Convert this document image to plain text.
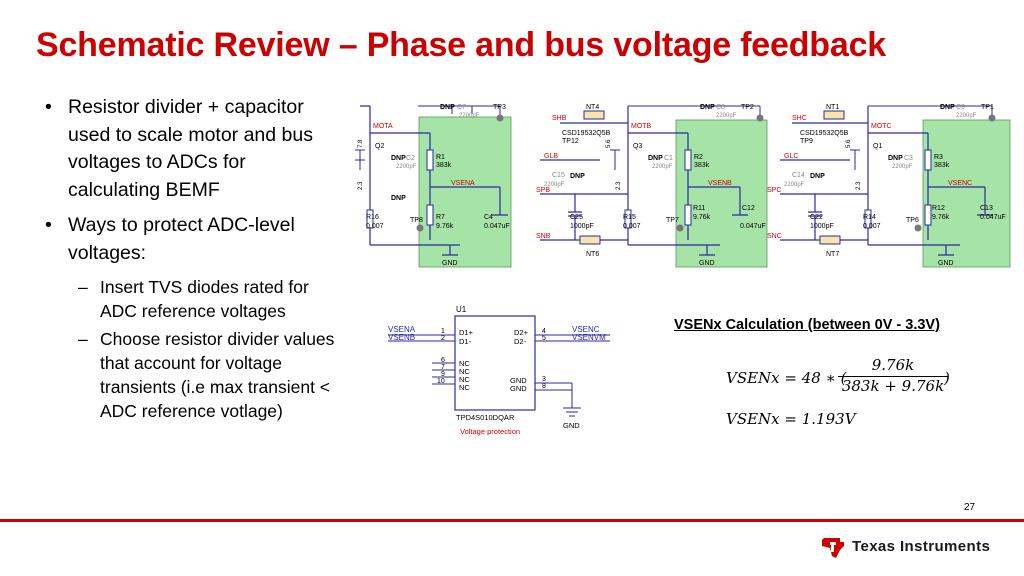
Schematic Review – Phase and bus voltage feedback
• Resistor divider + capacitor used to scale motor and bus voltages to ADCs for calculating BEMF
• Ways to protect ADC-level voltages:
– Insert TVS diodes rated for ADC reference voltages
– Choose resistor divider values that account for voltage transients (i.e max transient < ADC reference votlage)
MOTA
Q2
2.3
7.8
DNP C2
2200pF
DNP
DNP C7
2200pF
TP3
R1
383k
VSENA
R7
9.76k
C4
0.047uF
R16
0.007
TP8
GND
SHB
NT4
CSD19532Q5B
TP12
MOTB
Q3
2.3
5.6
GLB
DNP
C15
2200pF
SPB
SNB
C25
1000pF
NT6
DNP C1
2200pF
DNP C8
2200pF
TP2
R2
383k
VSENB
R11
9.76k
C12
0.047uF
R15
0.007
TP7
GND
SHC
NT1
CSD19532Q5B
TP9
MOTC
Q1
2.3
5.6
GLC
DNP
C14
2200pF
SPC
SNC
C22
1000pF
NT7
DNP C3
2200pF
DNP C9
2200pF
TP1
R3
383k
VSENC
R12
9.76k
C13
0.047uF
R14
0.007
TP6
GND
U1
VSENA
VSENB
1
2
6
7
9
10
D1+
D1-
NC
NC
NC
NC
D2+
D2-
GND
GND
4
5
3
8
VSENC
VSENVM
TPD4S010DQAR
Voltage protection
GND
VSENx Calculation (between 0V - 3.3V)
VSENx = 48 ∗ (
$\frac{9.76k}{383k + 9.76k}$
)
VSENx = 1.193V
27
Texas Instruments
